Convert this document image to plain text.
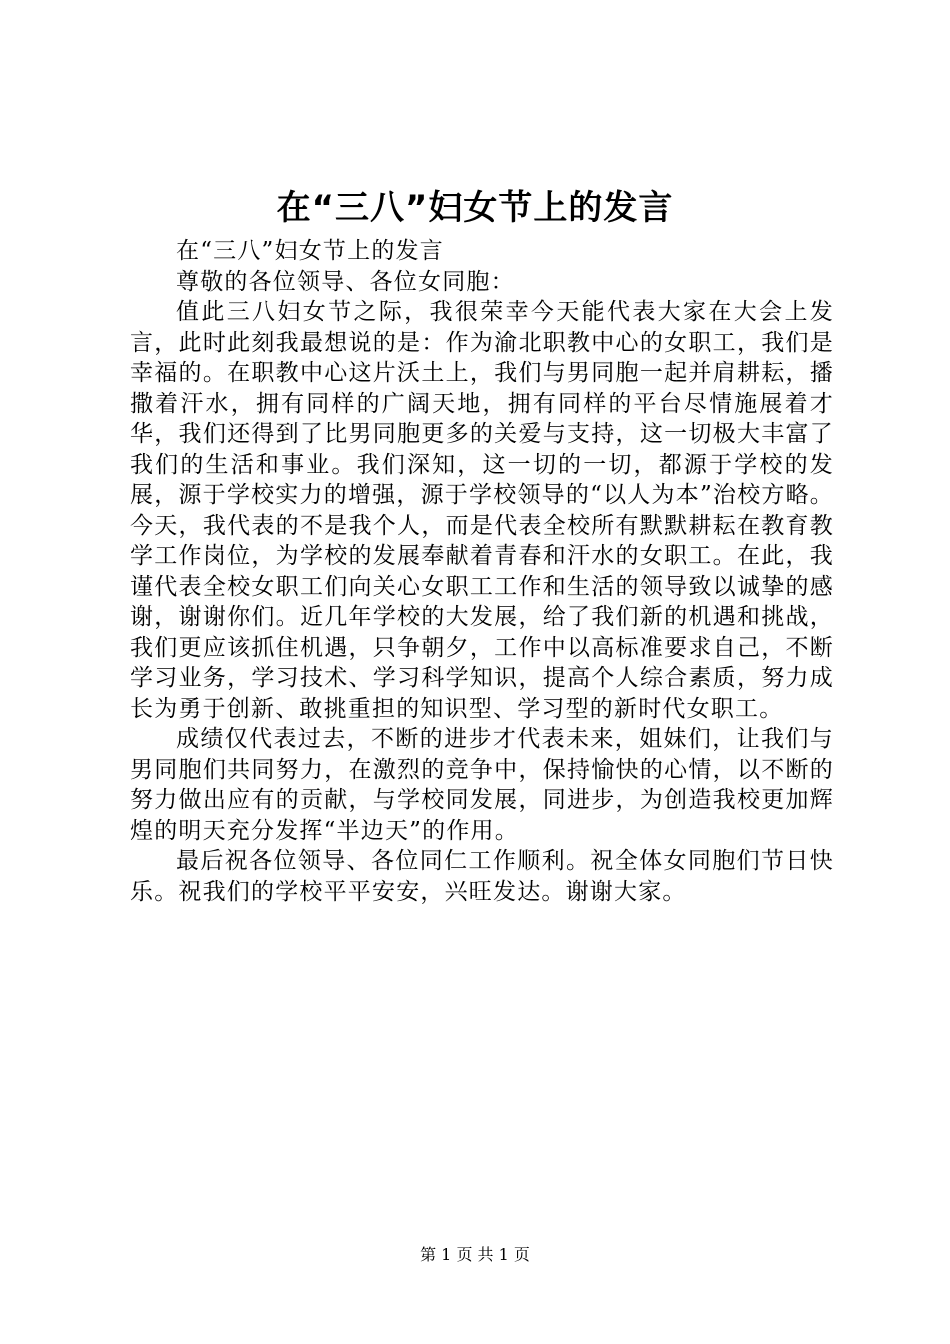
在“三八”妇女节上的发言

在“三八”妇女节上的发言

尊敬的各位领导、各位女同胞：

值此三八妇女节之际，我很荣幸今天能代表大家在大会上发言，此时此刻我最想说的是：作为渝北职教中心的女职工，我们是幸福的。在职教中心这片沃土上，我们与男同胞一起并肩耕耘，播撒着汗水，拥有同样的广阔天地，拥有同样的平台尽情施展着才华，我们还得到了比男同胞更多的关爱与支持，这一切极大丰富了我们的生活和事业。我们深知，这一切的一切，都源于学校的发展，源于学校实力的增强，源于学校领导的“以人为本”治校方略。今天，我代表的不是我个人，而是代表全校所有默默耕耘在教育教学工作岗位，为学校的发展奉献着青春和汗水的女职工。在此，我谨代表全校女职工们向关心女职工工作和生活的领导致以诚挚的感谢，谢谢你们。近几年学校的大发展，给了我们新的机遇和挑战，我们更应该抓住机遇，只争朝夕，工作中以高标准要求自己，不断学习业务，学习技术、学习科学知识，提高个人综合素质，努力成长为勇于创新、敢挑重担的知识型、学习型的新时代女职工。

成绩仅代表过去，不断的进步才代表未来，姐妹们，让我们与男同胞们共同努力，在激烈的竞争中，保持愉快的心情，以不断的努力做出应有的贡献，与学校同发展，同进步，为创造我校更加辉煌的明天充分发挥“半边天”的作用。

最后祝各位领导、各位同仁工作顺利。祝全体女同胞们节日快乐。祝我们的学校平平安安，兴旺发达。谢谢大家。

第 1 页 共 1 页
